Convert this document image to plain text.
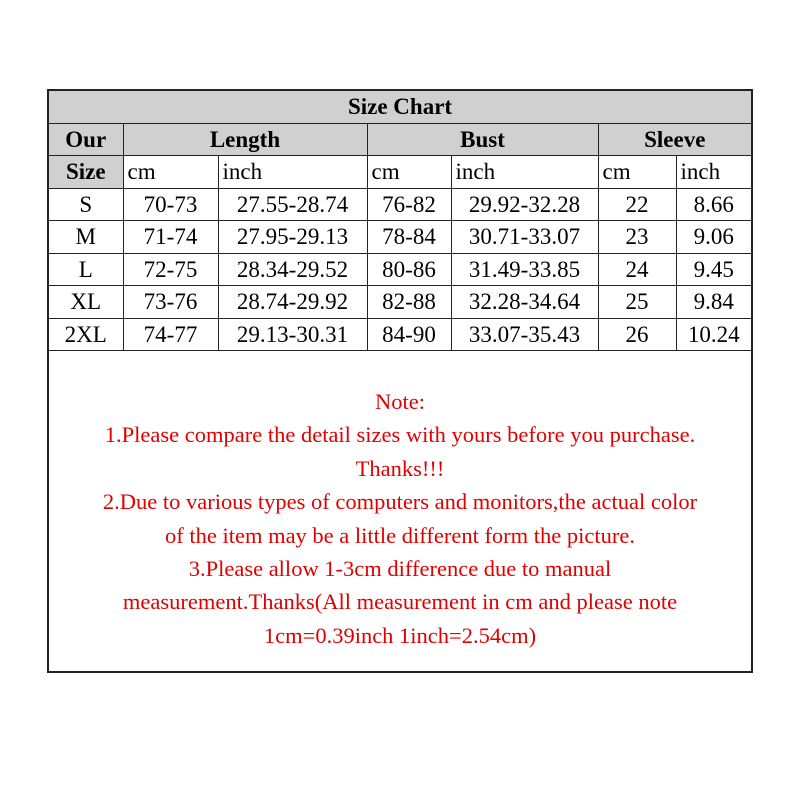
Size Chart						
Our	Length		Bust		Sleeve	
Size	cm	inch	cm	inch	cm	inch
S	70-73	27.55-28.74	76-82	29.92-32.28	22	8.66
M	71-74	27.95-29.13	78-84	30.71-33.07	23	9.06
L	72-75	28.34-29.52	80-86	31.49-33.85	24	9.45
XL	73-76	28.74-29.92	82-88	32.28-34.64	25	9.84
2XL	74-77	29.13-30.31	84-90	33.07-35.43	26	10.24
Note:
1.Please compare the detail sizes with yours before you purchase.
Thanks!!!
2.Due to various types of computers and monitors,the actual color
of the item may be a little different form the picture.
3.Please allow 1-3cm difference due to manual
measurement.Thanks(All measurement in cm and please note
1cm=0.39inch 1inch=2.54cm)
